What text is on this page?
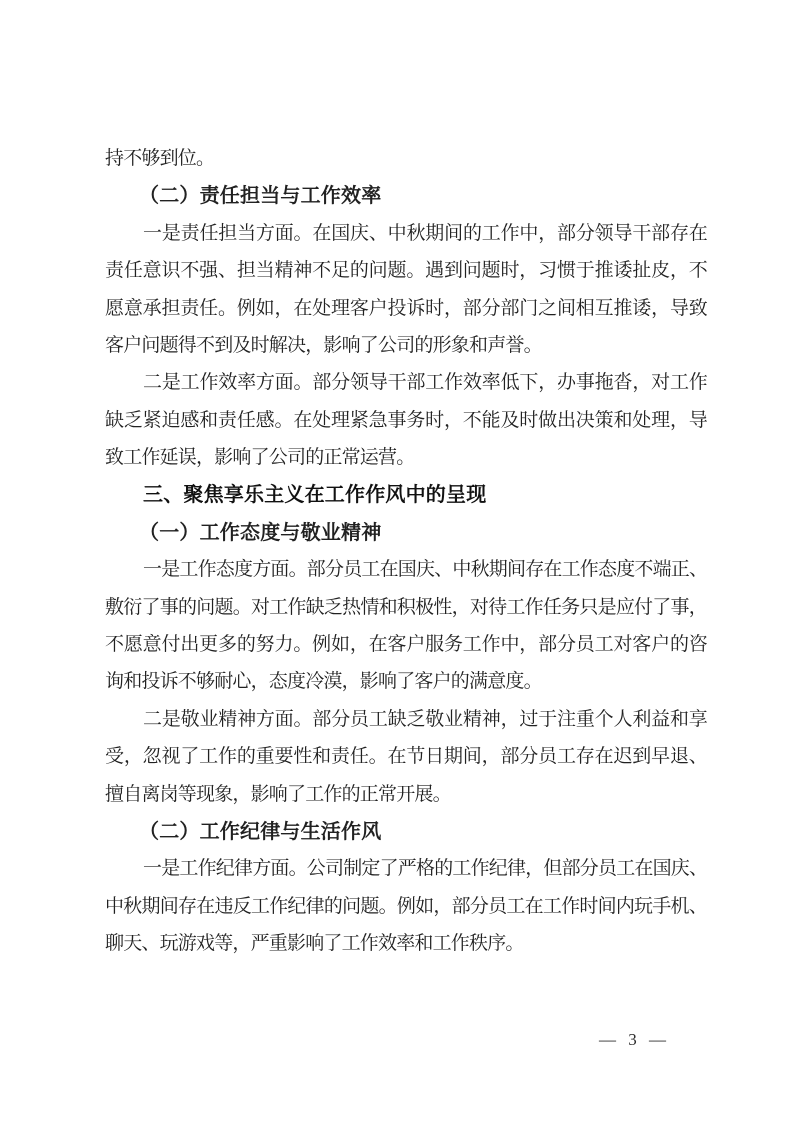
持不够到位。

（二）责任担当与工作效率

一是责任担当方面。在国庆、中秋期间的工作中，部分领导干部存在

责任意识不强、担当精神不足的问题。遇到问题时，习惯于推诿扯皮，不

愿意承担责任。例如，在处理客户投诉时，部分部门之间相互推诿，导致

客户问题得不到及时解决，影响了公司的形象和声誉。

二是工作效率方面。部分领导干部工作效率低下，办事拖沓，对工作

缺乏紧迫感和责任感。在处理紧急事务时，不能及时做出决策和处理，导

致工作延误，影响了公司的正常运营。

三、聚焦享乐主义在工作作风中的呈现

（一）工作态度与敬业精神

一是工作态度方面。部分员工在国庆、中秋期间存在工作态度不端正、

敷衍了事的问题。对工作缺乏热情和积极性，对待工作任务只是应付了事，

不愿意付出更多的努力。例如，在客户服务工作中，部分员工对客户的咨

询和投诉不够耐心，态度冷漠，影响了客户的满意度。

二是敬业精神方面。部分员工缺乏敬业精神，过于注重个人利益和享

受，忽视了工作的重要性和责任。在节日期间，部分员工存在迟到早退、

擅自离岗等现象，影响了工作的正常开展。

（二）工作纪律与生活作风

一是工作纪律方面。公司制定了严格的工作纪律，但部分员工在国庆、

中秋期间存在违反工作纪律的问题。例如，部分员工在工作时间内玩手机、

聊天、玩游戏等，严重影响了工作效率和工作秩序。

— 3 —
